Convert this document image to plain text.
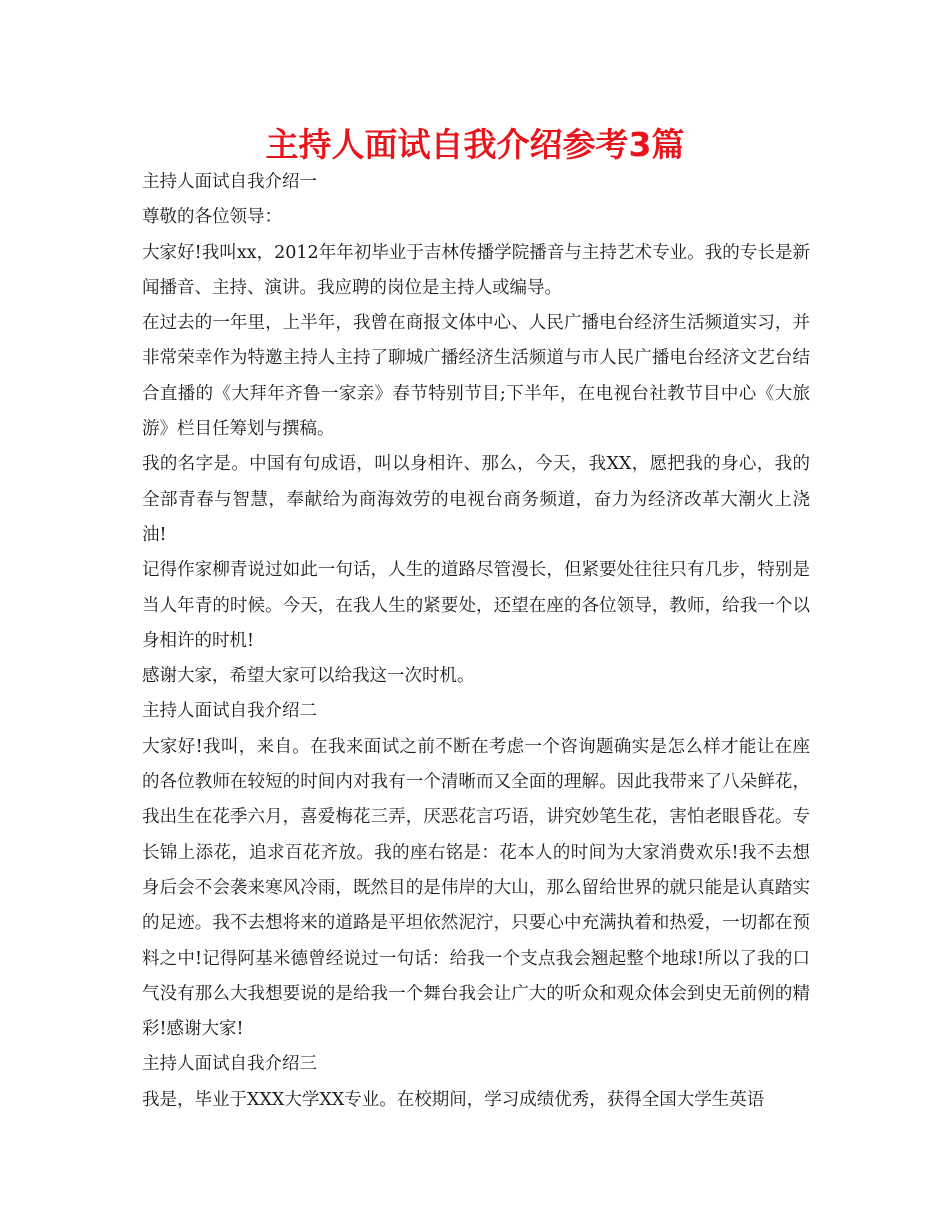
主持人面试自我介绍参考3篇

主持人面试自我介绍一

尊敬的各位领导：

大家好!我叫xx，2012年年初毕业于吉林传播学院播音与主持艺术专业。我的专长是新闻播音、主持、演讲。我应聘的岗位是主持人或编导。

在过去的一年里，上半年，我曾在商报文体中心、人民广播电台经济生活频道实习，并非常荣幸作为特邀主持人主持了聊城广播经济生活频道与市人民广播电台经济文艺台结合直播的《大拜年齐鲁一家亲》春节特别节目;下半年，在电视台社教节目中心《大旅游》栏目任筹划与撰稿。

我的名字是。中国有句成语，叫以身相许、那么，今天，我XX，愿把我的身心，我的全部青春与智慧，奉献给为商海效劳的电视台商务频道，奋力为经济改革大潮火上浇油!

记得作家柳青说过如此一句话，人生的道路尽管漫长，但紧要处往往只有几步，特别是当人年青的时候。今天，在我人生的紧要处，还望在座的各位领导，教师，给我一个以身相许的时机!

感谢大家，希望大家可以给我这一次时机。

主持人面试自我介绍二

大家好!我叫，来自。在我来面试之前不断在考虑一个咨询题确实是怎么样才能让在座的各位教师在较短的时间内对我有一个清晰而又全面的理解。因此我带来了八朵鲜花，我出生在花季六月，喜爱梅花三弄，厌恶花言巧语，讲究妙笔生花，害怕老眼昏花。专长锦上添花，追求百花齐放。我的座右铭是：花本人的时间为大家消费欢乐!我不去想身后会不会袭来寒风冷雨，既然目的是伟岸的大山，那么留给世界的就只能是认真踏实的足迹。我不去想将来的道路是平坦依然泥泞，只要心中充满执着和热爱，一切都在预料之中!记得阿基米德曾经说过一句话：给我一个支点我会翘起整个地球!所以了我的口气没有那么大我想要说的是给我一个舞台我会让广大的听众和观众体会到史无前例的精彩!感谢大家!

主持人面试自我介绍三

我是，毕业于XXX大学XX专业。在校期间，学习成绩优秀，获得全国大学生英语
